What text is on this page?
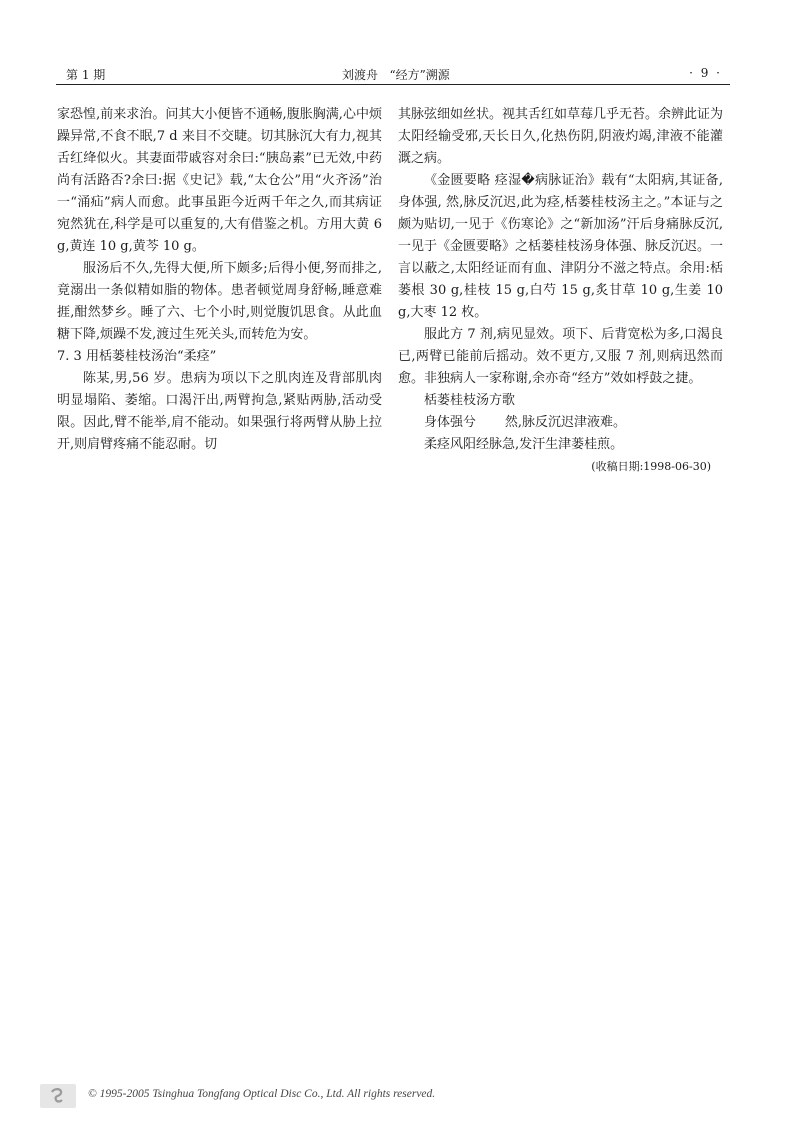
第 1 期	刘渡舟   “经方”溯源	· 9 ·

家恐惶,前来求治。问其大小便皆不通畅,腹胀胸满,心中烦躁异常,不食不眠,7 d 来目不交睫。切其脉沉大有力,视其舌红绛似火。其妻面带戚容对余曰:“胰岛素”已无效,中药尚有活路否?余曰:据《史记》载,“太仓公”用“火齐汤”治一“涌疝”病人而愈。此事虽距今近两千年之久,而其病证宛然犹在,科学是可以重复的,大有借鉴之机。方用大黄 6 g,黄连 10 g,黄芩 10 g。

服汤后不久,先得大便,所下颇多;后得小便,努而排之,竟溺出一条似精如脂的物体。患者顿觉周身舒畅,睡意难捱,酣然梦乡。睡了六、七个小时,则觉腹饥思食。从此血糖下降,烦躁不发,渡过生死关头,而转危为安。

7. 3 用栝蒌桂枝汤治“柔痉”

陈某,男,56 岁。患病为项以下之肌肉连及背部肌肉明显塌陷、萎缩。口渴汗出,两臂拘急,紧贴两胁,活动受限。因此,臂不能举,肩不能动。如果强行将两臂从胁上拉开,则肩臂疼痛不能忍耐。切

其脉弦细如丝状。视其舌红如草莓几乎无苔。余辨此证为太阳经输受邪,天长日久,化热伤阴,阴液灼竭,津液不能灌溉之病。

《金匮要略 痉湿�病脉证治》载有“太阳病,其证备,身体强, 然,脉反沉迟,此为痉,栝蒌桂枝汤主之。”本证与之颇为贴切,一见于《伤寒论》之“新加汤”汗后身痛脉反沉,一见于《金匮要略》之栝蒌桂枝汤身体强、脉反沉迟。一言以蔽之,太阳经证而有血、津阴分不滋之特点。余用:栝蒌根 30 g,桂枝 15 g,白芍 15 g,炙甘草 10 g,生姜 10 g,大枣 12 枚。

服此方 7 剂,病见显效。项下、后背宽松为多,口渴良已,两臂已能前后摇动。效不更方,又服 7 剂,则病迅然而愈。非独病人一家称谢,余亦奇“经方”效如桴鼓之捷。

栝蒌桂枝汤方歌

身体强兮       然,脉反沉迟津液难。

柔痉风阳经脉急,发汗生津蒌桂煎。

(收稿日期:1998-06-30)
© 1995-2005 Tsinghua Tongfang Optical Disc Co., Ltd. All rights reserved.
